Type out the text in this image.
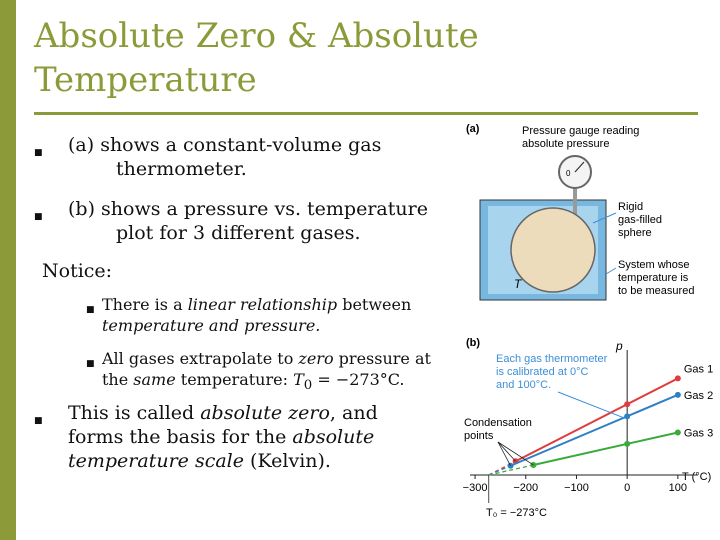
Absolute Zero & Absolute
Temperature
■ (a) shows a constant-volume gas
thermometer.
■ (b) shows a pressure vs. temperature
plot for 3 different gases.
Notice:
■ There is a linear relationship between
temperature and pressure.
■ All gases extrapolate to zero pressure at
the same temperature: $T_0 = -273^\circ C$.
■ This is called absolute zero, and
forms the basis for the absolute
temperature scale (Kelvin).
(a)	Pressure gauge reading
absolute pressure
0
T
Rigid
gas-filled
sphere
System whose
temperature is
to be measured
(b)
Each gas thermometer
is calibrated at 0°C
and 100°C.
Condensation
points
p
T (°C)
T₀ = −273°C
−300 −200 −100	0	100
Gas 1
Gas 2
Gas 3
